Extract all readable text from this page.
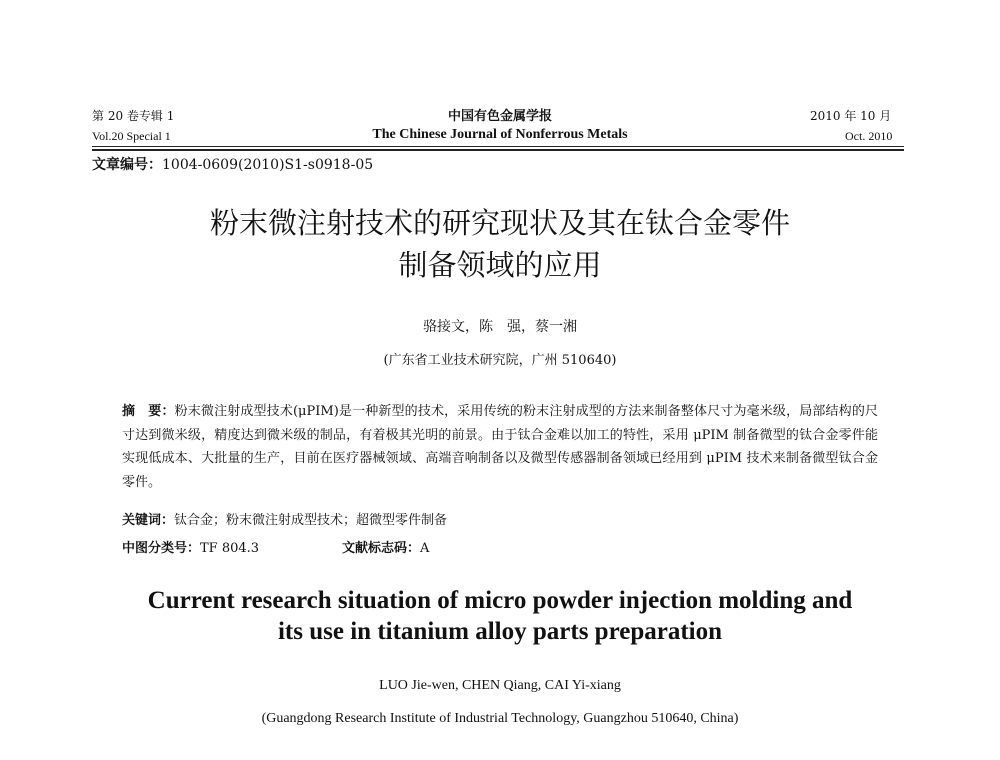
第 20 卷专辑 1	中国有色金属学报	2010 年 10 月
Vol.20 Special 1	The Chinese Journal of Nonferrous Metals	Oct. 2010
文章编号：1004-0609(2010)S1-s0918-05
粉末微注射技术的研究现状及其在钛合金零件
制备领域的应用
骆接文，陈　强，蔡一湘
(广东省工业技术研究院，广州 510640)
摘　要：粉末微注射成型技术(μPIM)是一种新型的技术，采用传统的粉末注射成型的方法来制备整体尺寸为毫米级，局部结构的尺寸达到微米级，精度达到微米级的制品，有着极其光明的前景。由于钛合金难以加工的特性，采用 μPIM 制备微型的钛合金零件能实现低成本、大批量的生产，目前在医疗器械领域、高端音响制备以及微型传感器制备领域已经用到 μPIM 技术来制备微型钛合金零件。
关键词：钛合金；粉末微注射成型技术；超微型零件制备
中图分类号：TF 804.3	文献标志码：A
Current research situation of micro powder injection molding and
its use in titanium alloy parts preparation
LUO Jie-wen, CHEN Qiang, CAI Yi-xiang
(Guangdong Research Institute of Industrial Technology, Guangzhou 510640, China)
